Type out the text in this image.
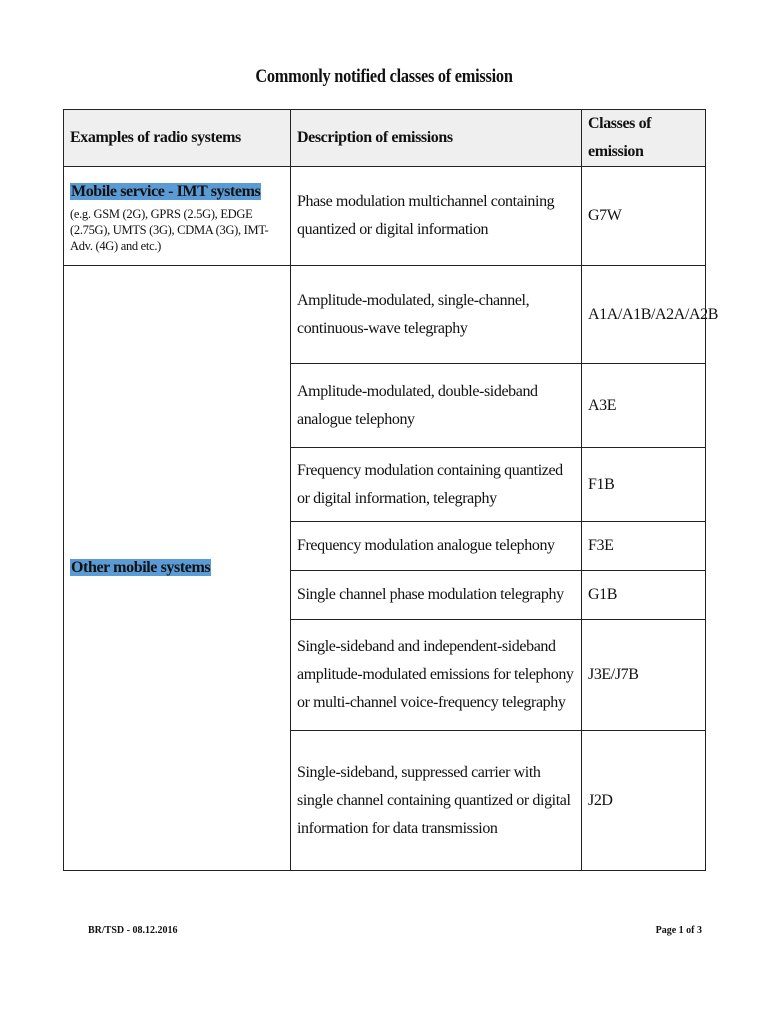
Commonly notified classes of emission
Examples of radio systems	Description of emissions	Classes of emission
Mobile service - IMT systems
(e.g. GSM (2G), GPRS (2.5G), EDGE (2.75G), UMTS (3G), CDMA (3G), IMT-Adv. (4G) and etc.)	Phase modulation multichannel containing quantized or digital information	G7W
Other mobile systems	Amplitude-modulated, single-channel, continuous-wave telegraphy	A1A/A1B/A2A/A2B
	Amplitude-modulated, double-sideband analogue telephony	A3E
	Frequency modulation containing quantized or digital information, telegraphy	F1B
	Frequency modulation analogue telephony	F3E
	Single channel phase modulation telegraphy	G1B
	Single-sideband and independent-sideband amplitude-modulated emissions for telephony or multi-channel voice-frequency telegraphy	J3E/J7B
	Single-sideband, suppressed carrier with single channel containing quantized or digital information for data transmission	J2D
BR/TSD - 08.12.2016	Page 1 of 3
